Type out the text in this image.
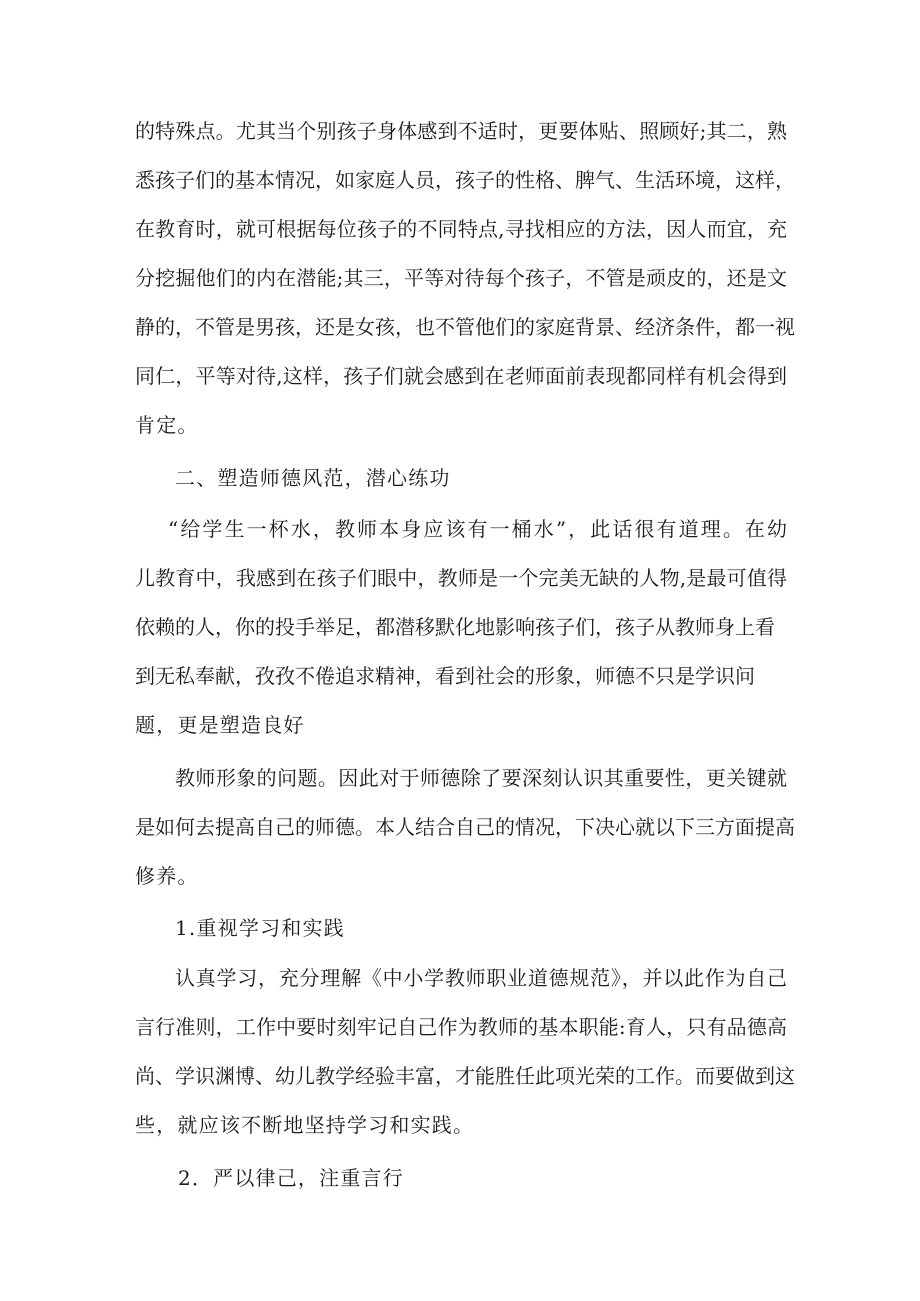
的特殊点。尤其当个别孩子身体感到不适时，更要体贴、照顾好;其二，熟

悉孩子们的基本情况，如家庭人员，孩子的性格、脾气、生活环境，这样，

在教育时，就可根据每位孩子的不同特点,寻找相应的方法，因人而宜，充

分挖掘他们的内在潜能;其三，平等对待每个孩子，不管是顽皮的，还是文

静的，不管是男孩，还是女孩，也不管他们的家庭背景、经济条件，都一视

同仁，平等对待,这样，孩子们就会感到在老师面前表现都同样有机会得到

肯定。

二、塑造师德风范，潜心练功

“给学生一杯水，教师本身应该有一桶水”，此话很有道理。在幼

儿教育中，我感到在孩子们眼中，教师是一个完美无缺的人物,是最可值得

依赖的人，你的投手举足，都潜移默化地影响孩子们，孩子从教师身上看

到无私奉献，孜孜不倦追求精神，看到社会的形象，师德不只是学识问

题，更是塑造良好

教师形象的问题。因此对于师德除了要深刻认识其重要性，更关键就

是如何去提高自己的师德。本人结合自己的情况，下决心就以下三方面提高

修养。

1.重视学习和实践

认真学习，充分理解《中小学教师职业道德规范》，并以此作为自己

言行准则，工作中要时刻牢记自己作为教师的基本职能:育人，只有品德高

尚、学识渊博、幼儿教学经验丰富，才能胜任此项光荣的工作。而要做到这

些，就应该不断地坚持学习和实践。

2．严以律己，注重言行
